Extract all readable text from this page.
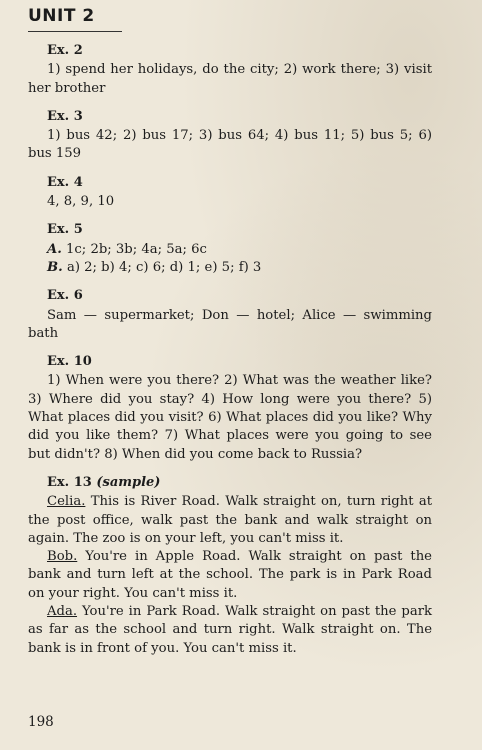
UNIT 2
Ex. 2
1) spend her holidays, do the city; 2) work there; 3) visit her brother
Ex. 3
1) bus 42; 2) bus 17; 3) bus 64; 4) bus 11; 5) bus 5; 6) bus 159
Ex. 4
4, 8, 9, 10
Ex. 5
A. 1c; 2b; 3b; 4a; 5a; 6c
B. a) 2; b) 4; c) 6; d) 1; e) 5; f) 3
Ex. 6
Sam — supermarket; Don — hotel; Alice — swimming bath
Ex. 10
1) When were you there? 2) What was the weather like? 3) Where did you stay? 4) How long were you there? 5) What places did you visit? 6) What places did you like? Why did you like them? 7) What places were you going to see but didn't? 8) When did you come back to Russia?
Ex. 13 (sample)
Celia. This is River Road. Walk straight on, turn right at the post office, walk past the bank and walk straight on again. The zoo is on your left, you can't miss it.
Bob. You're in Apple Road. Walk straight on past the bank and turn left at the school. The park is in Park Road on your right. You can't miss it.
Ada. You're in Park Road. Walk straight on past the park as far as the school and turn right. Walk straight on. The bank is in front of you. You can't miss it.
198
